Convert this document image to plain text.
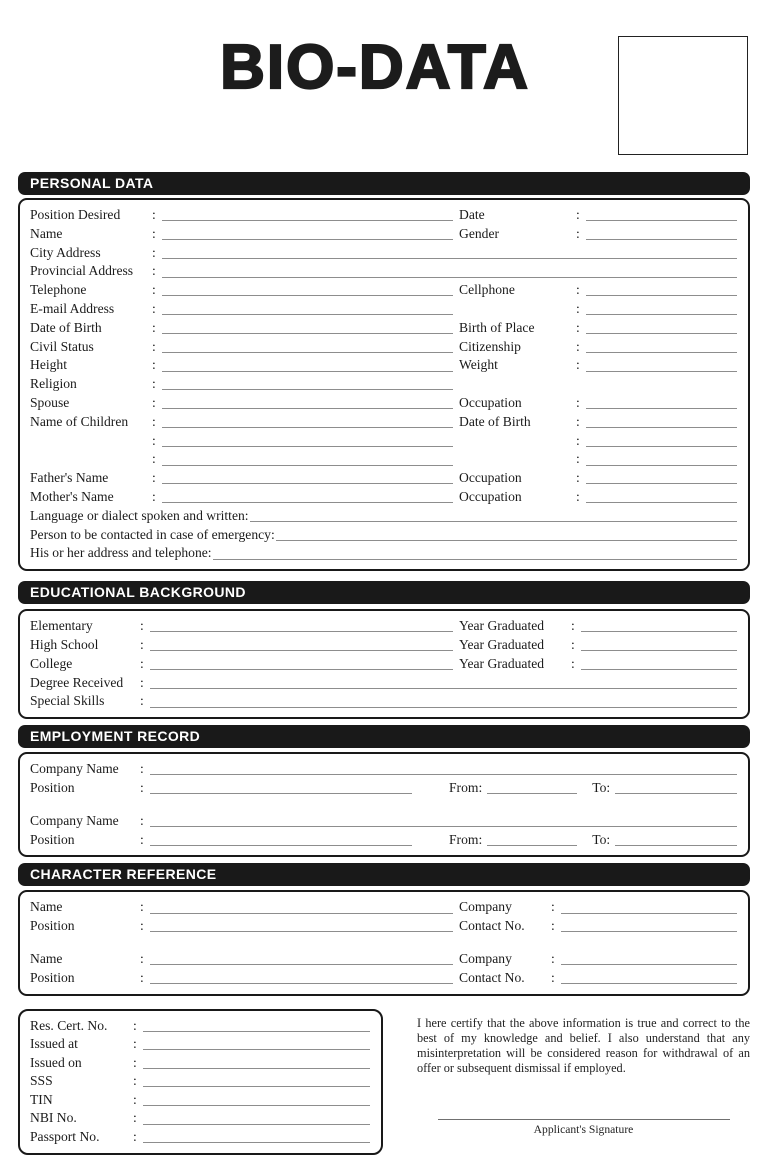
BIO-DATA
PERSONAL DATA
Position Desired	:	Date	:
Name	:	Gender	:
City Address	:
Provincial Address	:
Telephone	:	Cellphone	:
E-mail Address	:	:
Date of Birth	:	Birth of Place	:
Civil Status	:	Citizenship	:
Height	:	Weight	:
Religion	:
Spouse	:	Occupation	:
Name of Children	:	Date of Birth	:
:	:
:	:
Father's Name	:	Occupation	:
Mother's Name	:	Occupation	:
Language or dialect spoken and written:
Person to be contacted in case of emergency:
His or her address and telephone:
EDUCATIONAL BACKGROUND
Elementary	:	Year Graduated	:
High School	:	Year Graduated	:
College	:	Year Graduated	:
Degree Received	:
Special Skills	:
EMPLOYMENT RECORD
Company Name	:
Position	:	From:	To:
Company Name	:
Position	:	From:	To:
CHARACTER REFERENCE
Name	:	Company	:
Position	:	Contact No.	:
Name	:	Company	:
Position	:	Contact No.	:
Res. Cert. No.	:
Issued at	:
Issued on	:
SSS	:
TIN	:
NBI No.	:
Passport No.	:

I here certify that the above information is true and correct to the best of my knowledge and belief. I also understand that any misinterpretation will be considered reason for withdrawal of an offer or subsequent dismissal if employed.

Applicant's Signature
